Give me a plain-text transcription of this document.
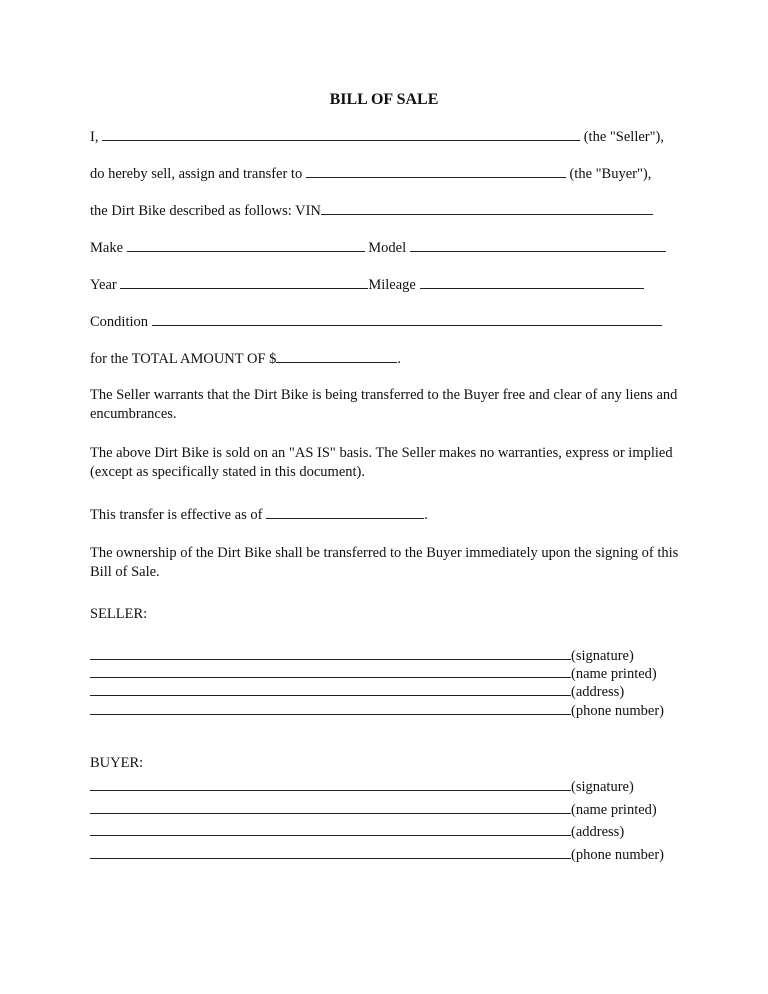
BILL OF SALE
I,	(the "Seller"),
do hereby sell, assign and transfer to	(the "Buyer"),
the Dirt Bike described as follows: VIN
Make	Model
Year	Mileage
Condition
for the TOTAL AMOUNT OF $	.

The Seller warrants that the Dirt Bike is being transferred to the Buyer free and clear of any liens and encumbrances.

The above Dirt Bike is sold on an "AS IS" basis. The Seller makes no warranties, express or implied (except as specifically stated in this document).

This transfer is effective as of	.

The ownership of the Dirt Bike shall be transferred to the Buyer immediately upon the signing of this Bill of Sale.

SELLER:
(signature)
(name printed)
(address)
(phone number)
BUYER:
(signature)
(name printed)
(address)
(phone number)
